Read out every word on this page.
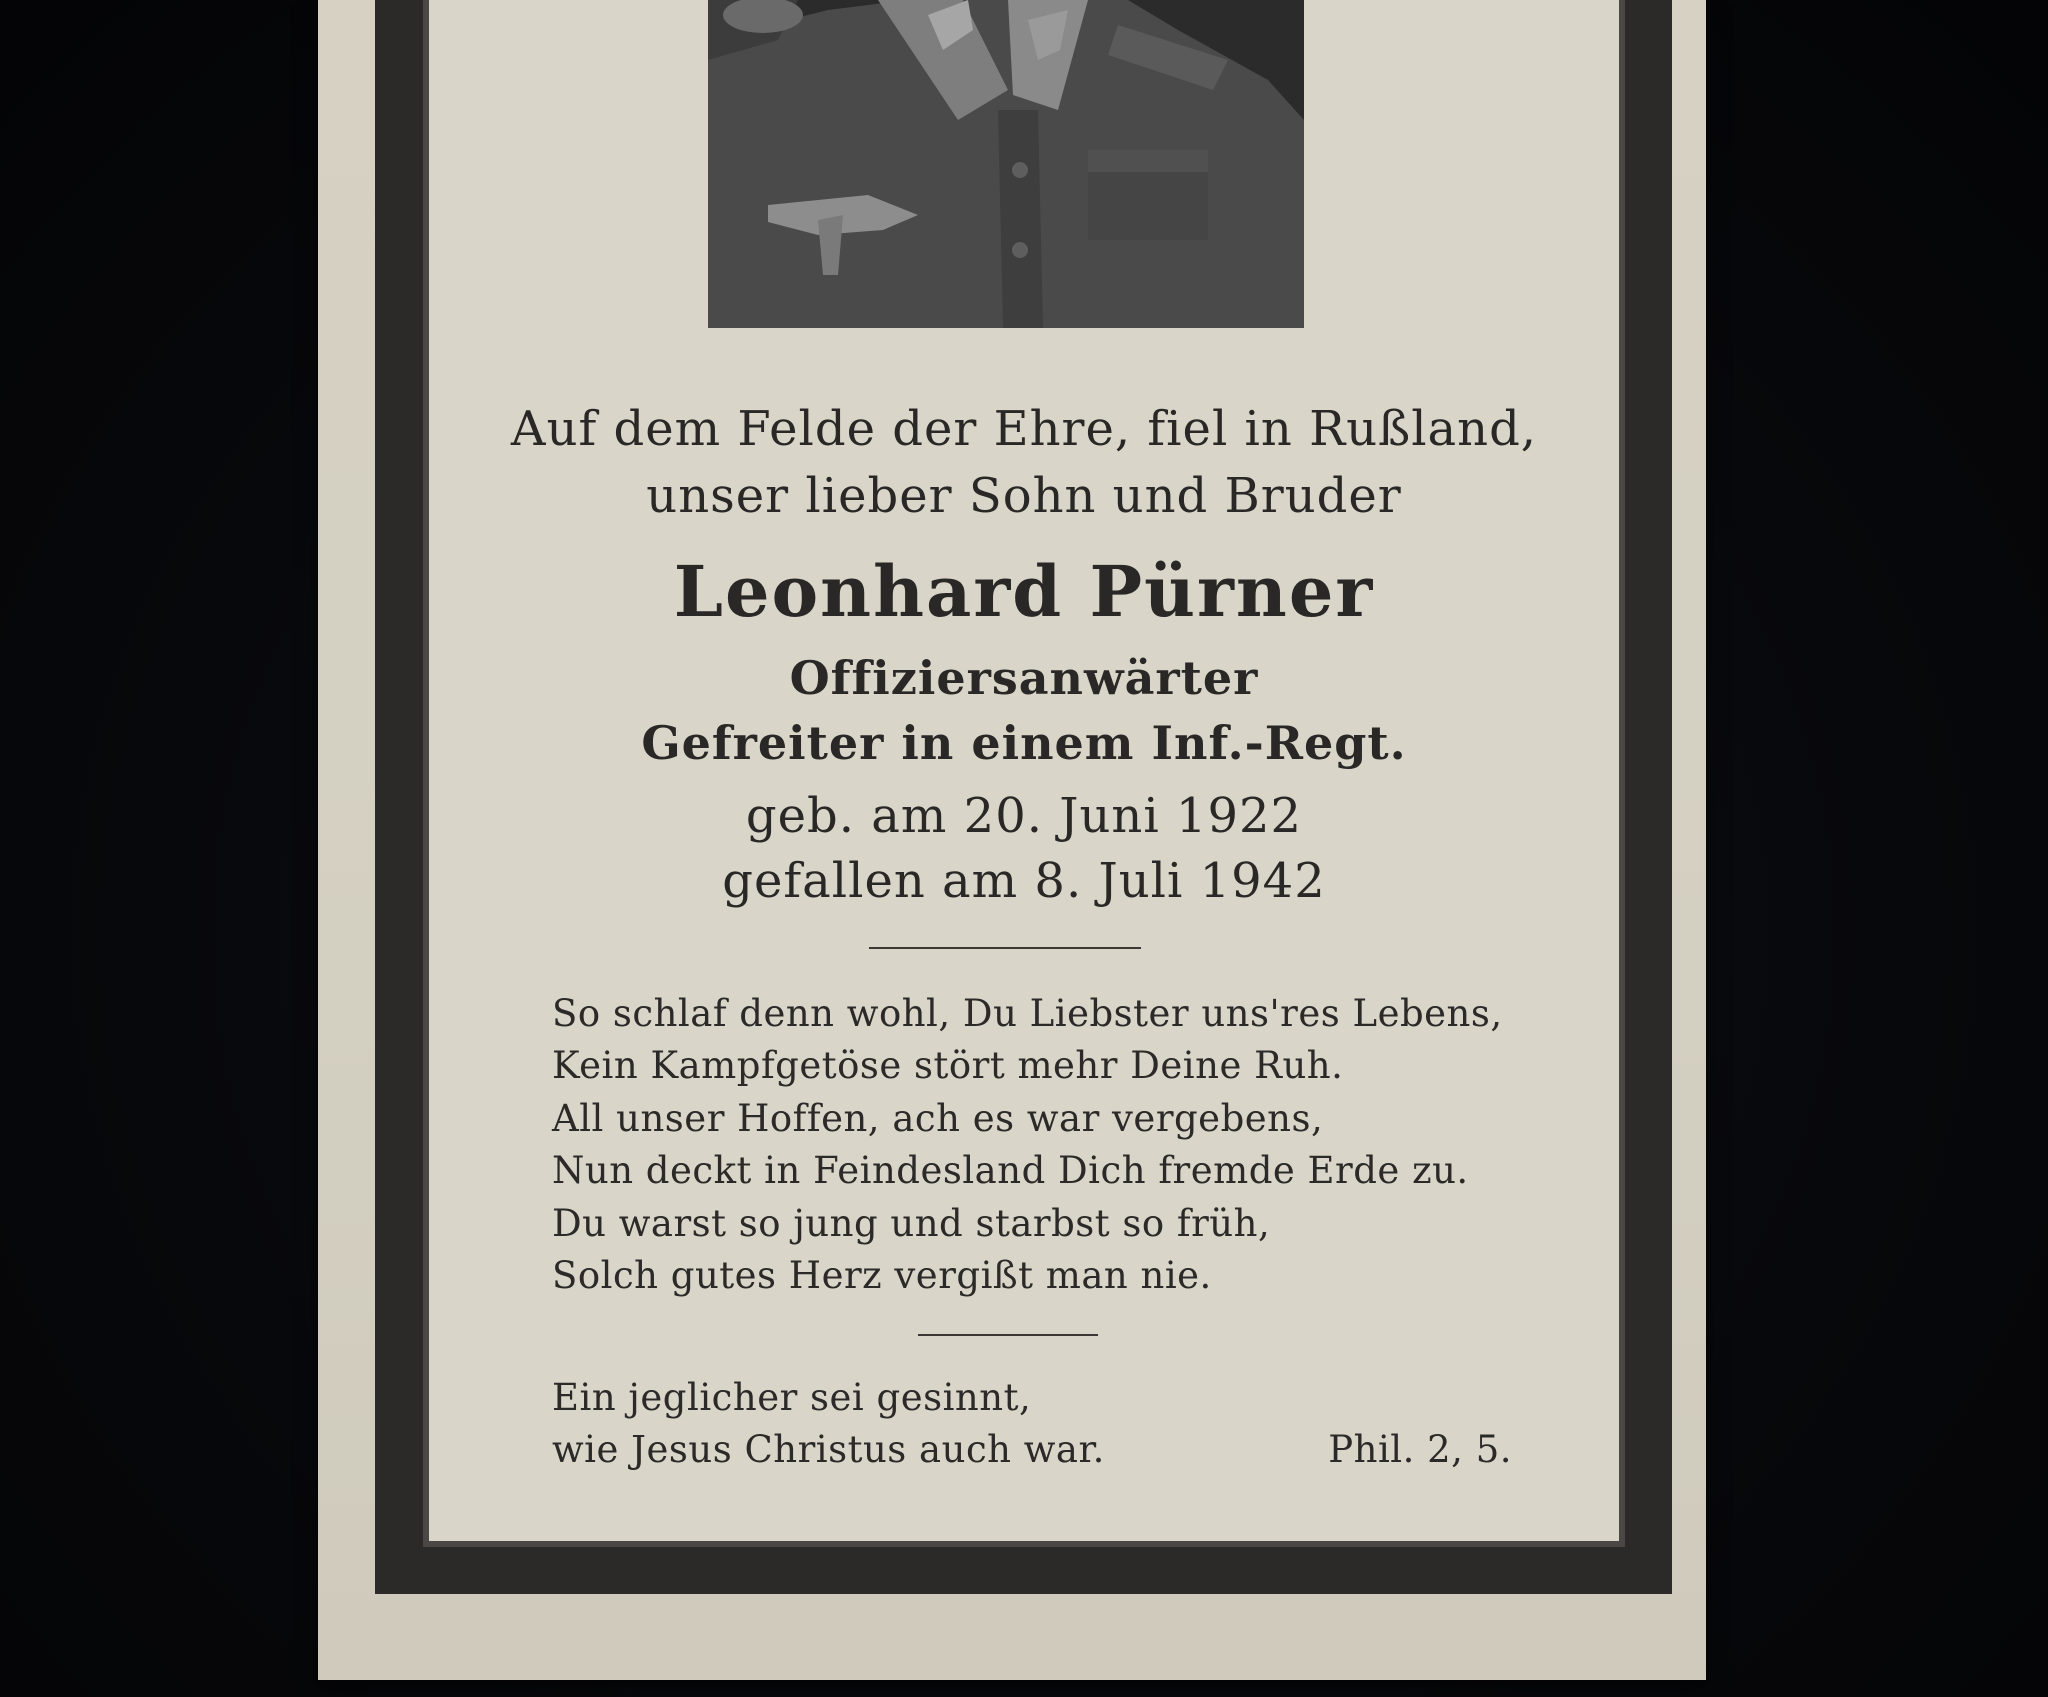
Auf dem Felde der Ehre, fiel in Rußland,
unser lieber Sohn und Bruder
Leonhard Pürner
Offiziersanwärter
Gefreiter in einem Inf.-Regt.
geb. am 20. Juni 1922
gefallen am 8. Juli 1942
So schlaf denn wohl, Du Liebster uns'res Lebens,
Kein Kampfgetöse stört mehr Deine Ruh.
All unser Hoffen, ach es war vergebens,
Nun deckt in Feindesland Dich fremde Erde zu.
Du warst so jung und starbst so früh,
Solch gutes Herz vergißt man nie.
Ein jeglicher sei gesinnt,
wie Jesus Christus auch war.	Phil. 2, 5.
